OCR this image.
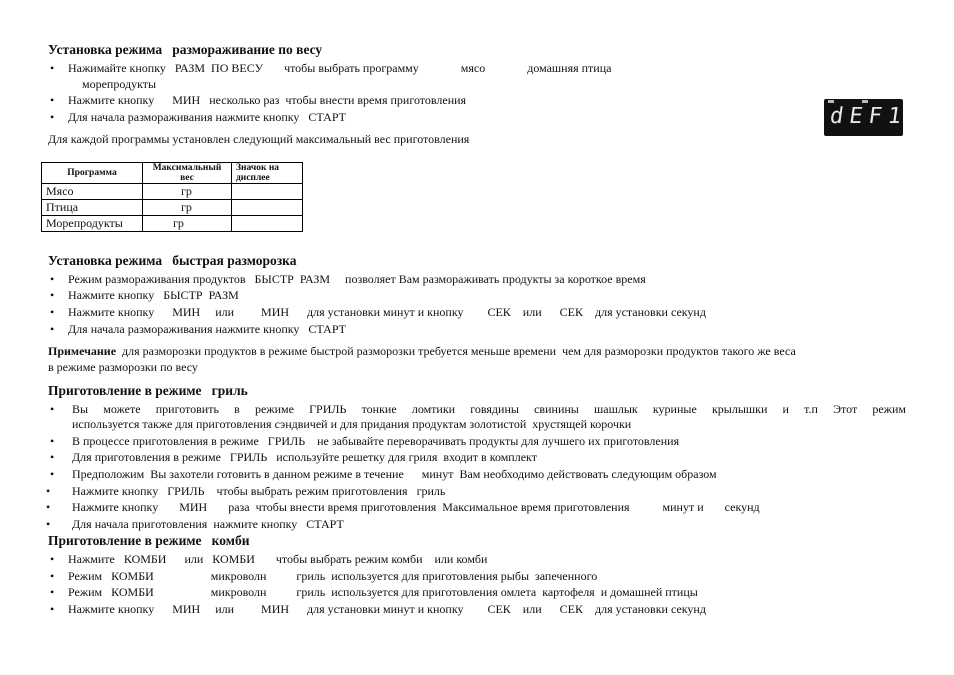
Установка режима   размораживание по весу
• Нажимайте кнопку   РАЗМ  ПО ВЕСУ       чтобы выбрать программу              мясо              домашняя птица
морепродукты
• Нажмите кнопку      МИН   несколько раз  чтобы внести время приготовления
• Для начала размораживания нажмите кнопку   СТАРТ
Для каждой программы установлен следующий максимальный вес приготовления
dEF1
Программа	Максимальный вес	Значок на дисплее
Мясо	гр	
Птица	гр	
Морепродукты	гр	
Установка режима   быстрая разморозка
• Режим размораживания продуктов   БЫСТР  РАЗМ     позволяет Вам размораживать продукты за короткое время
• Нажмите кнопку   БЫСТР  РАЗМ
• Нажмите кнопку      МИН     или         МИН      для установки минут и кнопку        СЕК    или      СЕК    для установки секунд
• Для начала размораживания нажмите кнопку   СТАРТ
Примечание  для разморозки продуктов в режиме быстрой разморозки требуется меньше времени  чем для разморозки продуктов такого же веса
в режиме разморозки по весу
Приготовление в режиме   гриль
• Вы можете приготовить в режиме ГРИЛЬ тонкие ломтики говядины свинины шашлык куриные крылышки и т.п Этот режим
используется также для приготовления сэндвичей и для придания продуктам золотистой  хрустящей корочки
• В процессе приготовления в режиме   ГРИЛЬ    не забывайте переворачивать продукты для лучшего их приготовления
• Для приготовления в режиме   ГРИЛЬ   используйте решетку для гриля  входит в комплект
• Предположим  Вы захотели готовить в данном режиме в течение      минут  Вам необходимо действовать следующим образом
• Нажмите кнопку   ГРИЛЬ    чтобы выбрать режим приготовления   гриль
• Нажмите кнопку       МИН       раза  чтобы внести время приготовления  Максимальное время приготовления           минут и       секунд
• Для начала приготовления  нажмите кнопку   СТАРТ
Приготовление в режиме   комби
• Нажмите   КОМБИ      или   КОМБИ       чтобы выбрать режим комби    или комби
• Режим   КОМБИ                   микроволн          гриль  используется для приготовления рыбы  запеченного
• Режим   КОМБИ                   микроволн          гриль  используется для приготовления омлета  картофеля  и домашней птицы
• Нажмите кнопку      МИН     или         МИН      для установки минут и кнопку        СЕК    или      СЕК    для установки секунд
